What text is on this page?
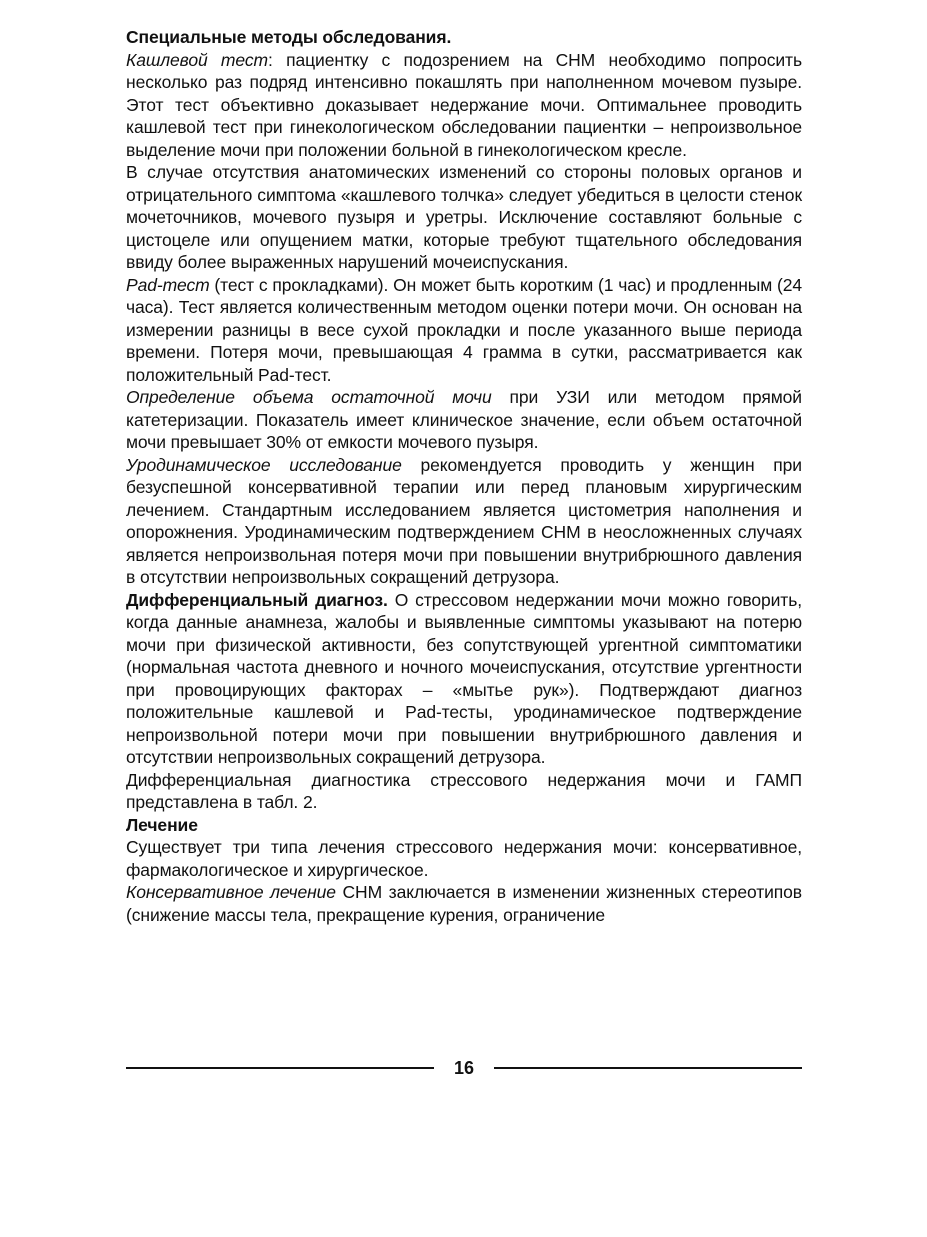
Специальные методы обследования.

Кашлевой тест: пациентку с подозрением на СНМ необходимо попросить несколько раз подряд интенсивно покашлять при наполненном мочевом пузыре. Этот тест объективно доказывает недержание мочи. Оптимальнее проводить кашлевой тест при гинекологическом обследовании пациентки – непроизвольное выделение мочи при положении больной в гинекологическом кресле.

В случае отсутствия анатомических изменений со стороны половых органов и отрицательного симптома «кашлевого толчка» следует убедиться в целости стенок мочеточников, мочевого пузыря и уретры. Исключение составляют больные с цистоцеле или опущением матки, которые требуют тщательного обследования ввиду более выраженных нарушений мочеиспускания.

Pad-тест (тест с прокладками). Он может быть коротким (1 час) и продленным (24 часа). Тест является количественным методом оценки потери мочи. Он основан на измерении разницы в весе сухой прокладки и после указанного выше периода времени. Потеря мочи, превышающая 4 грамма в сутки, рассматривается как положительный Pad-тест.

Определение объема остаточной мочи при УЗИ или методом прямой катетеризации. Показатель имеет клиническое значение, если объем остаточной мочи превышает 30% от емкости мочевого пузыря.

Уродинамическое исследование рекомендуется проводить у женщин при безуспешной консервативной терапии или перед плановым хирургическим лечением. Стандартным исследованием является цистометрия наполнения и опорожнения. Уродинамическим подтверждением СНМ в неосложненных случаях является непроизвольная потеря мочи при повышении внутрибрюшного давления в отсутствии непроизвольных сокращений детрузора.

Дифференциальный диагноз. О стрессовом недержании мочи можно говорить, когда данные анамнеза, жалобы и выявленные симптомы указывают на потерю мочи при физической активности, без сопутствующей ургентной симптоматики (нормальная частота дневного и ночного мочеиспускания, отсутствие ургентности при провоцирующих факторах – «мытье рук»). Подтверждают диагноз положительные кашлевой и Pad-тесты, уродинамическое подтверждение непроизвольной потери мочи при повышении внутрибрюшного давления и отсутствии непроизвольных сокращений детрузора.

Дифференциальная диагностика стрессового недержания мочи и ГАМП представлена в табл. 2.

Лечение

Существует три типа лечения стрессового недержания мочи: консервативное, фармакологическое и хирургическое.

Консервативное лечение СНМ заключается в изменении жизненных стереотипов (снижение массы тела, прекращение курения, ограничение

16
